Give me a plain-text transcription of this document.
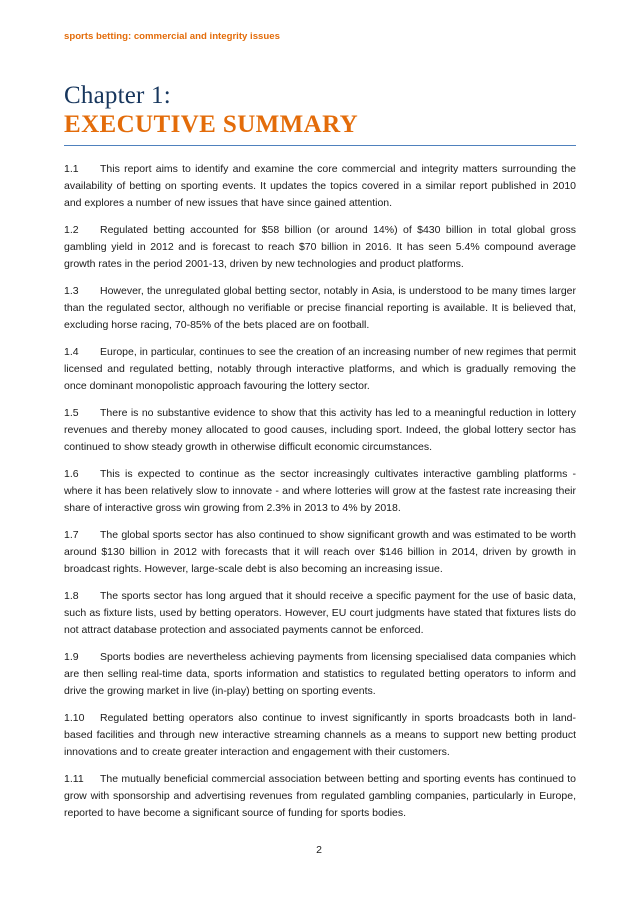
sports betting: commercial and integrity issues
Chapter 1:
EXECUTIVE SUMMARY

1.1 This report aims to identify and examine the core commercial and integrity matters surrounding the availability of betting on sporting events. It updates the topics covered in a similar report published in 2010 and explores a number of new issues that have since gained attention.

1.2 Regulated betting accounted for $58 billion (or around 14%) of $430 billion in total global gross gambling yield in 2012 and is forecast to reach $70 billion in 2016. It has seen 5.4% compound average growth rates in the period 2001-13, driven by new technologies and product platforms.

1.3 However, the unregulated global betting sector, notably in Asia, is understood to be many times larger than the regulated sector, although no verifiable or precise financial reporting is available. It is believed that, excluding horse racing, 70-85% of the bets placed are on football.

1.4 Europe, in particular, continues to see the creation of an increasing number of new regimes that permit licensed and regulated betting, notably through interactive platforms, and which is gradually removing the once dominant monopolistic approach favouring the lottery sector.

1.5 There is no substantive evidence to show that this activity has led to a meaningful reduction in lottery revenues and thereby money allocated to good causes, including sport. Indeed, the global lottery sector has continued to show steady growth in otherwise difficult economic circumstances.

1.6 This is expected to continue as the sector increasingly cultivates interactive gambling platforms - where it has been relatively slow to innovate - and where lotteries will grow at the fastest rate increasing their share of interactive gross win growing from 2.3% in 2013 to 4% by 2018.

1.7 The global sports sector has also continued to show significant growth and was estimated to be worth around $130 billion in 2012 with forecasts that it will reach over $146 billion in 2014, driven by growth in broadcast rights. However, large-scale debt is also becoming an increasing issue.

1.8 The sports sector has long argued that it should receive a specific payment for the use of basic data, such as fixture lists, used by betting operators. However, EU court judgments have stated that fixtures lists do not attract database protection and associated payments cannot be enforced.

1.9 Sports bodies are nevertheless achieving payments from licensing specialised data companies which are then selling real-time data, sports information and statistics to regulated betting operators to inform and drive the growing market in live (in-play) betting on sporting events.

1.10 Regulated betting operators also continue to invest significantly in sports broadcasts both in land-based facilities and through new interactive streaming channels as a means to support new betting product innovations and to create greater interaction and engagement with their customers.

1.11 The mutually beneficial commercial association between betting and sporting events has continued to grow with sponsorship and advertising revenues from regulated gambling companies, particularly in Europe, reported to have become a significant source of funding for sports bodies.

2
